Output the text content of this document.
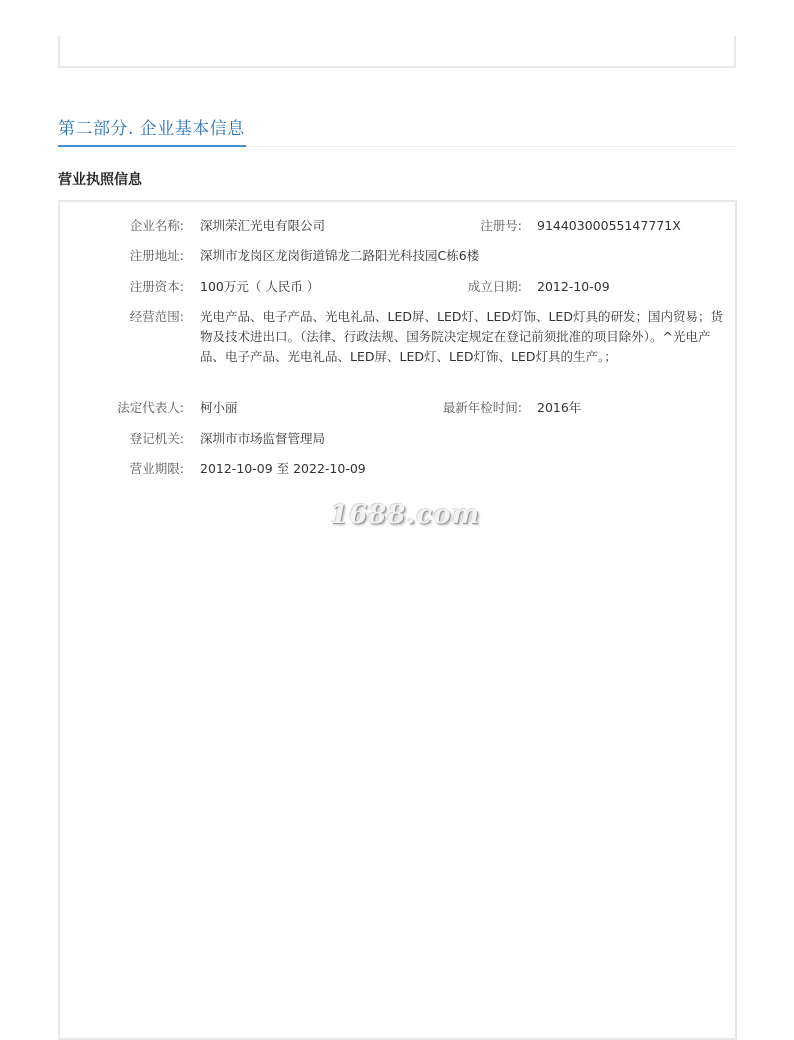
第二部分. 企业基本信息
营业执照信息
企业名称: 深圳荣汇光电有限公司	注册号: 91440300055147771X
注册地址: 深圳市龙岗区龙岗街道锦龙二路阳光科技园C栋6楼
注册资本: 100万元（ 人民币 ）	成立日期: 2012-10-09
经营范围: 光电产品、电子产品、光电礼品、LED屏、LED灯、LED灯饰、LED灯具的研发；国内贸易；货物及技术进出口。（法律、行政法规、国务院决定规定在登记前须批准的项目除外）。^光电产品、电子产品、光电礼品、LED屏、LED灯、LED灯饰、LED灯具的生产。；
法定代表人: 柯小丽	最新年检时间: 2016年
登记机关: 深圳市市场监督管理局
营业期限: 2012-10-09 至 2022-10-09
1688.com
